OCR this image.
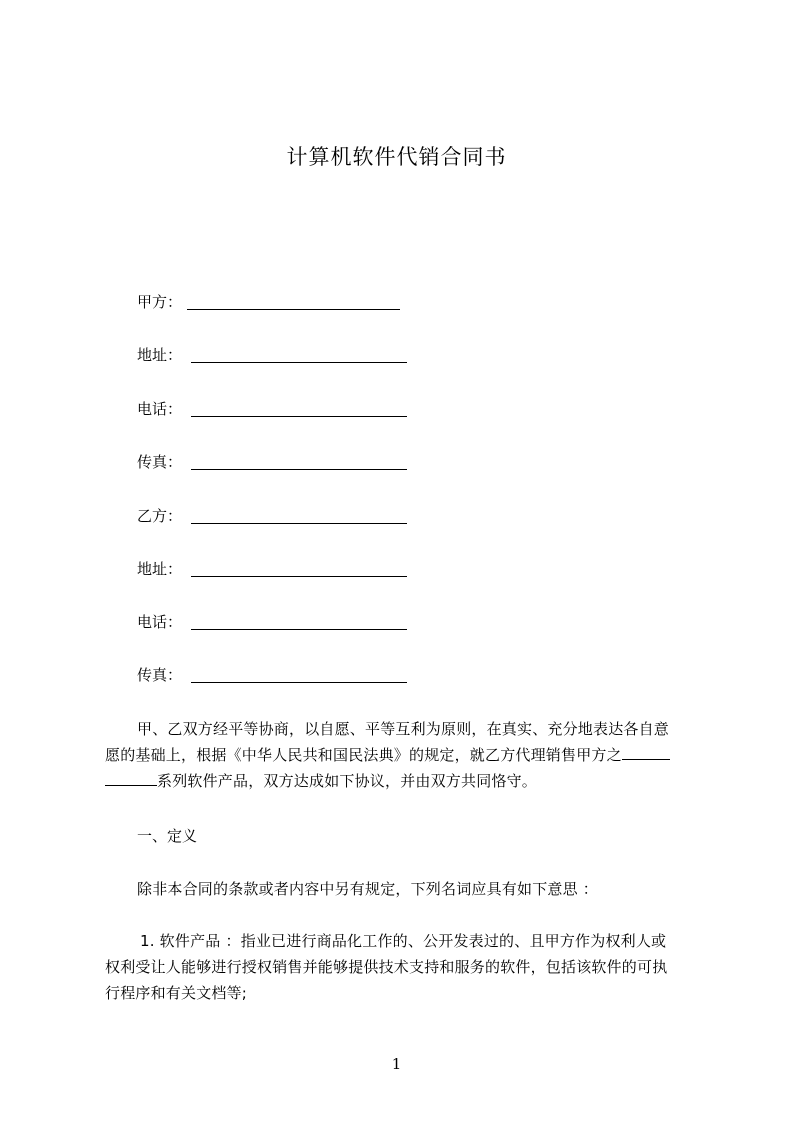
计算机软件代销合同书
甲方：
地址：
电话：
传真：
乙方：
地址：
电话：
传真：

甲、乙双方经平等协商，以自愿、平等互利为原则，在真实、充分地表达各自意

愿的基础上，根据《中华人民共和国民法典》的规定，就乙方代理销售甲方之

系列软件产品，双方达成如下协议，并由双方共同恪守。

一、定义

除非本合同的条款或者内容中另有规定，下列名词应具有如下意思 ：

1. 软件产品 ：指业已进行商品化工作的、公开发表过的、且甲方作为权利人或

权利受让人能够进行授权销售并能够提供技术支持和服务的软件，包括该软件的可执

行程序和有关文档等;

1
